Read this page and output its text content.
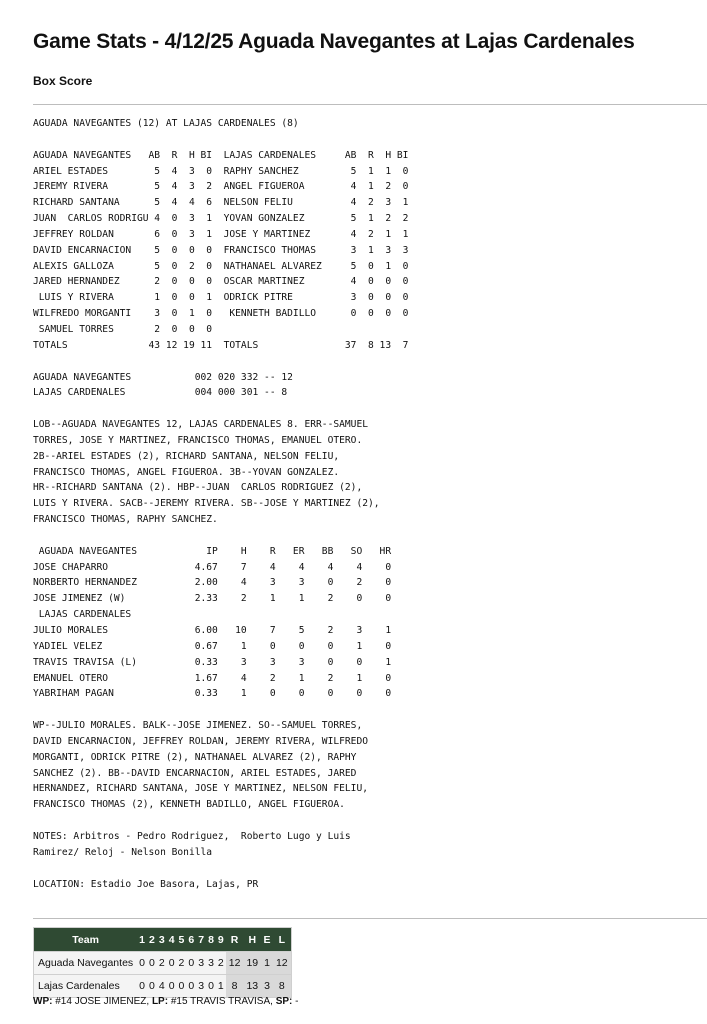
Game Stats - 4/12/25 Aguada Navegantes at Lajas Cardenales
Box Score
AGUADA NAVEGANTES (12) AT LAJAS CARDENALES (8)

AGUADA NAVEGANTES   AB  R  H BI  LAJAS CARDENALES     AB  R  H BI
ARIEL ESTADES        5  4  3  0  RAPHY SANCHEZ         5  1  1  0
JEREMY RIVERA        5  4  3  2  ANGEL FIGUEROA        4  1  2  0
RICHARD SANTANA      5  4  4  6  NELSON FELIU          4  2  3  1
JUAN  CARLOS RODRIGU 4  0  3  1  YOVAN GONZALEZ        5  1  2  2
JEFFREY ROLDAN       6  0  3  1  JOSE Y MARTINEZ       4  2  1  1
DAVID ENCARNACION    5  0  0  0  FRANCISCO THOMAS      3  1  3  3
ALEXIS GALLOZA       5  0  2  0  NATHANAEL ALVAREZ     5  0  1  0
JARED HERNANDEZ      2  0  0  0  OSCAR MARTINEZ        4  0  0  0
LUIS Y RIVERA       1  0  0  1  ODRICK PITRE          3  0  0  0
WILFREDO MORGANTI    3  0  1  0   KENNETH BADILLO      0  0  0  0
SAMUEL TORRES       2  0  0  0
TOTALS              43 12 19 11  TOTALS               37  8 13  7

AGUADA NAVEGANTES           002 020 332 -- 12
LAJAS CARDENALES            004 000 301 -- 8

LOB--AGUADA NAVEGANTES 12, LAJAS CARDENALES 8. ERR--SAMUEL
TORRES, JOSE Y MARTINEZ, FRANCISCO THOMAS, EMANUEL OTERO.
2B--ARIEL ESTADES (2), RICHARD SANTANA, NELSON FELIU,
FRANCISCO THOMAS, ANGEL FIGUEROA. 3B--YOVAN GONZALEZ.
HR--RICHARD SANTANA (2). HBP--JUAN  CARLOS RODRIGUEZ (2),
LUIS Y RIVERA. SACB--JEREMY RIVERA. SB--JOSE Y MARTINEZ (2),
FRANCISCO THOMAS, RAPHY SANCHEZ.

AGUADA NAVEGANTES            IP    H    R   ER   BB   SO   HR
JOSE CHAPARRO               4.67    7    4    4    4    4    0
NORBERTO HERNANDEZ          2.00    4    3    3    0    2    0
JOSE JIMENEZ (W)            2.33    2    1    1    2    0    0
LAJAS CARDENALES
JULIO MORALES               6.00   10    7    5    2    3    1
YADIEL VELEZ                0.67    1    0    0    0    1    0
TRAVIS TRAVISA (L)          0.33    3    3    3    0    0    1
EMANUEL OTERO               1.67    4    2    1    2    1    0
YABRIHAM PAGAN              0.33    1    0    0    0    0    0

WP--JULIO MORALES. BALK--JOSE JIMENEZ. SO--SAMUEL TORRES,
DAVID ENCARNACION, JEFFREY ROLDAN, JEREMY RIVERA, WILFREDO
MORGANTI, ODRICK PITRE (2), NATHANAEL ALVAREZ (2), RAPHY
SANCHEZ (2). BB--DAVID ENCARNACION, ARIEL ESTADES, JARED
HERNANDEZ, RICHARD SANTANA, JOSE Y MARTINEZ, NELSON FELIU,
FRANCISCO THOMAS (2), KENNETH BADILLO, ANGEL FIGUEROA.

NOTES: Arbitros - Pedro Rodriguez,  Roberto Lugo y Luis
Ramirez/ Reloj - Nelson Bonilla

LOCATION: Estadio Joe Basora, Lajas, PR
Team	1	2	3	4	5	6	7	8	9	R	H	E	L
Aguada Navegantes	0	0	2	0	2	0	3	3	2	12	19	1	12
Lajas Cardenales	0	0	4	0	0	0	3	0	1	8	13	3	8
WP: #14 JOSE JIMENEZ, LP: #15 TRAVIS TRAVISA, SP: -
